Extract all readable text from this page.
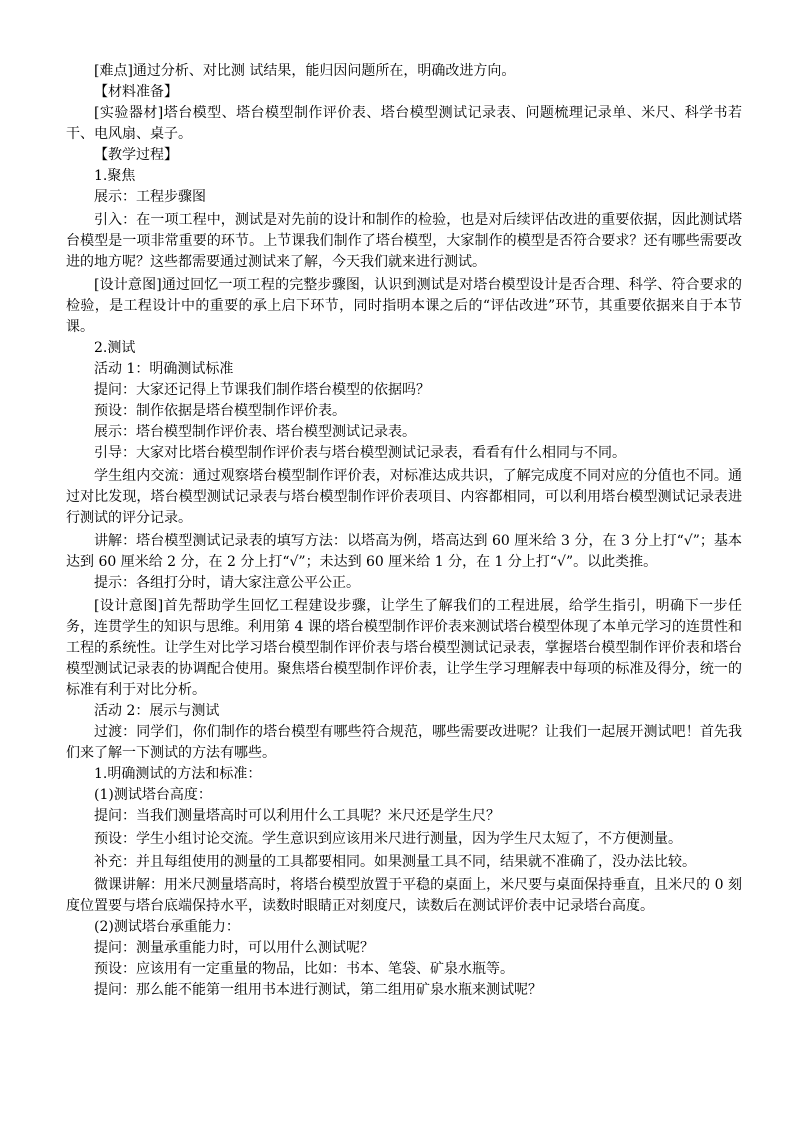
[难点]通过分析、对比测 试结果，能归因问题所在，明确改进方向。

【材料准备】

[实验器材]塔台模型、塔台模型制作评价表、塔台模型测试记录表、问题梳理记录单、米尺、科学书若干、电风扇、桌子。

【教学过程】

1.聚焦

展示：工程步骤图

引入：在一项工程中，测试是对先前的设计和制作的检验，也是对后续评估改进的重要依据，因此测试塔台模型是一项非常重要的环节。上节课我们制作了塔台模型，大家制作的模型是否符合要求？还有哪些需要改进的地方呢？这些都需要通过测试来了解，今天我们就来进行测试。

[设计意图]通过回忆一项工程的完整步骤图，认识到测试是对塔台模型设计是否合理、科学、符合要求的检验，是工程设计中的重要的承上启下环节，同时指明本课之后的“评估改进”环节，其重要依据来自于本节课。

2.测试

活动 1：明确测试标准

提问：大家还记得上节课我们制作塔台模型的依据吗？

预设：制作依据是塔台模型制作评价表。

展示：塔台模型制作评价表、塔台模型测试记录表。

引导：大家对比塔台模型制作评价表与塔台模型测试记录表，看看有什么相同与不同。

学生组内交流：通过观察塔台模型制作评价表，对标准达成共识，了解完成度不同对应的分值也不同。通过对比发现，塔台模型测试记录表与塔台模型制作评价表项目、内容都相同，可以利用塔台模型测试记录表进行测试的评分记录。

讲解：塔台模型测试记录表的填写方法：以塔高为例，塔高达到 60 厘米给 3 分，在 3 分上打“√”；基本达到 60 厘米给 2 分，在 2 分上打“√”；未达到 60 厘米给 1 分，在 1 分上打“√”。以此类推。

提示：各组打分时，请大家注意公平公正。

[设计意图]首先帮助学生回忆工程建设步骤，让学生了解我们的工程进展，给学生指引，明确下一步任务，连贯学生的知识与思维。利用第 4 课的塔台模型制作评价表来测试塔台模型体现了本单元学习的连贯性和工程的系统性。让学生对比学习塔台模型制作评价表与塔台模型测试记录表，掌握塔台模型制作评价表和塔台模型测试记录表的协调配合使用。聚焦塔台模型制作评价表，让学生学习理解表中每项的标准及得分，统一的标准有利于对比分析。

活动 2：展示与测试

过渡：同学们，你们制作的塔台模型有哪些符合规范，哪些需要改进呢？让我们一起展开测试吧！首先我们来了解一下测试的方法有哪些。

1.明确测试的方法和标准：

(1)测试塔台高度：

提问：当我们测量塔高时可以利用什么工具呢？米尺还是学生尺？

预设：学生小组讨论交流。学生意识到应该用米尺进行测量，因为学生尺太短了，不方便测量。

补充：并且每组使用的测量的工具都要相同。如果测量工具不同，结果就不准确了，没办法比较。

微课讲解：用米尺测量塔高时，将塔台模型放置于平稳的桌面上，米尺要与桌面保持垂直，且米尺的 0 刻度位置要与塔台底端保持水平，读数时眼睛正对刻度尺，读数后在测试评价表中记录塔台高度。

(2)测试塔台承重能力：

提问：测量承重能力时，可以用什么测试呢？

预设：应该用有一定重量的物品，比如：书本、笔袋、矿泉水瓶等。

提问：那么能不能第一组用书本进行测试，第二组用矿泉水瓶来测试呢？
